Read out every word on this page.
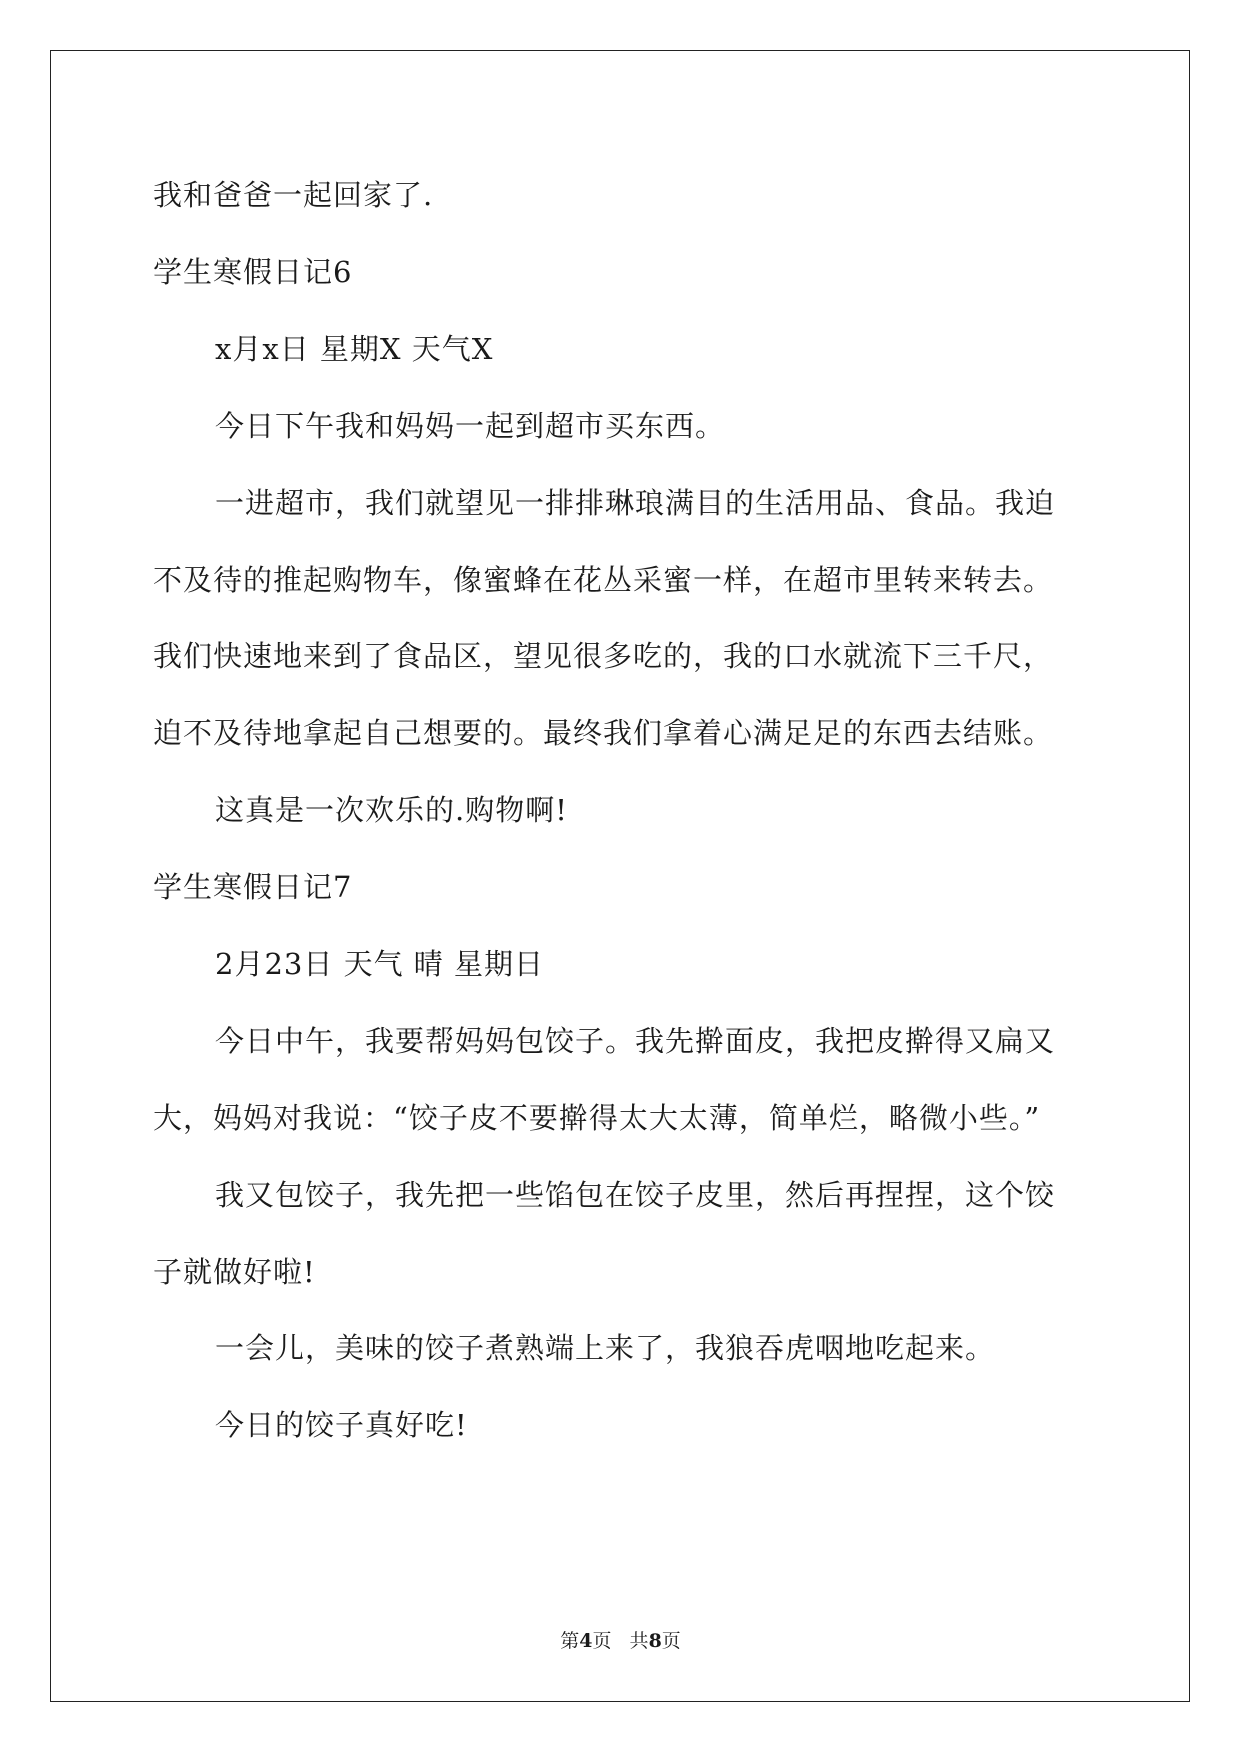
我和爸爸一起回家了.
学生寒假日记6
x月x日 星期X 天气X
今日下午我和妈妈一起到超市买东西。
一进超市，我们就望见一排排琳琅满目的生活用品、食品。我迫
不及待的推起购物车，像蜜蜂在花丛采蜜一样，在超市里转来转去。
我们快速地来到了食品区，望见很多吃的，我的口水就流下三千尺，
迫不及待地拿起自己想要的。最终我们拿着心满足足的东西去结账。
这真是一次欢乐的.购物啊!
学生寒假日记7
2月23日 天气 晴 星期日
今日中午，我要帮妈妈包饺子。我先擀面皮，我把皮擀得又扁又
大，妈妈对我说：“饺子皮不要擀得太大太薄，简单烂，略微小些。”
我又包饺子，我先把一些馅包在饺子皮里，然后再捏捏，这个饺
子就做好啦!
一会儿，美味的饺子煮熟端上来了，我狼吞虎咽地吃起来。
今日的饺子真好吃!
第4页   共8页
